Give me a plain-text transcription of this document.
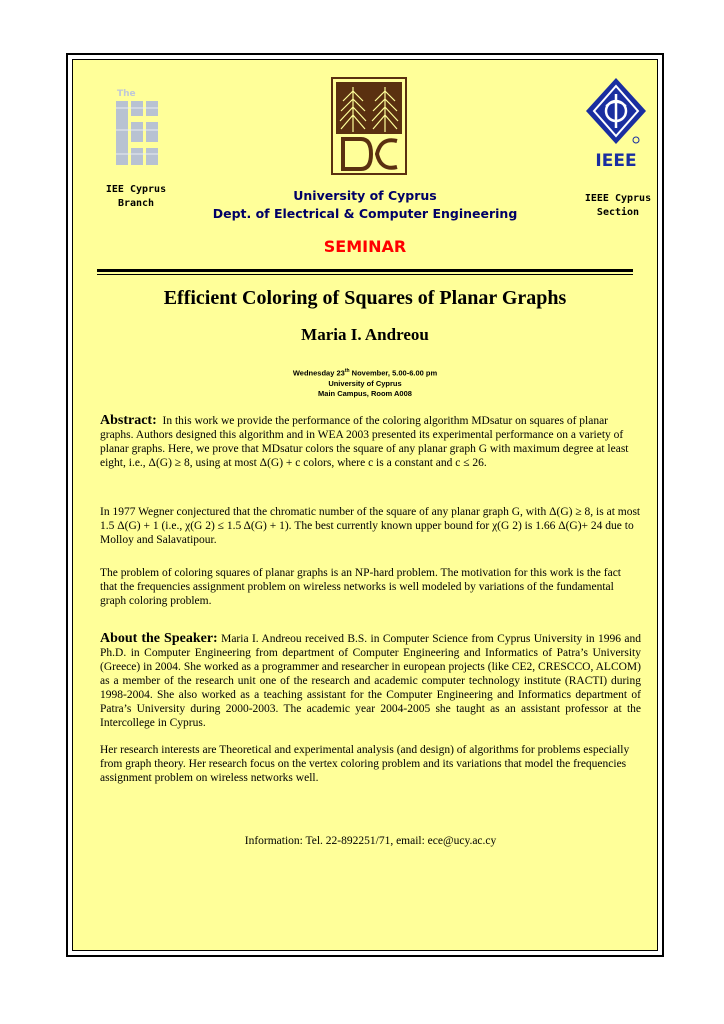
The
IEEE
IEE Cyprus
Branch	IEEE Cyprus
Section
University of Cyprus
Dept. of Electrical & Computer Engineering
SEMINAR
Efficient Coloring of Squares of Planar Graphs
Maria I. Andreou
Wednesday 23th November, 5.00-6.00 pm
University of Cyprus
Main Campus, Room A008
Abstract: In this work we provide the performance of the coloring algorithm MDsatur on squares of planar graphs. Authors designed this algorithm and in WEA 2003 presented its experimental performance on a variety of planar graphs. Here, we prove that MDsatur colors the square of any planar graph G with maximum degree at least eight, i.e., Δ(G) ≥ 8, using at most Δ(G) + c colors, where c is a constant and c ≤ 26.
In 1977 Wegner conjectured that the chromatic number of the square of any planar graph G, with Δ(G) ≥ 8, is at most 1.5 Δ(G) + 1 (i.e., χ(G 2) ≤ 1.5 Δ(G) + 1). The best currently known upper bound for χ(G 2) is 1.66 Δ(G)+ 24 due to Molloy and Salavatipour.
The problem of coloring squares of planar graphs is an NP-hard problem. The motivation for this work is the fact that the frequencies assignment problem on wireless networks is well modeled by variations of the fundamental graph coloring problem.
About the Speaker: Maria I. Andreou received B.S. in Computer Science from Cyprus University in 1996 and Ph.D. in Computer Engineering from department of Computer Engineering and Informatics of Patra’s University (Greece) in 2004. She worked as a programmer and researcher in european projects (like CE2, CRESCCO, ALCOM) as a member of the research unit one of the research and academic computer technology institute (RACTI) during 1998-2004. She also worked as a teaching assistant for the Computer Engineering and Informatics department of Patra’s University during 2000-2003. The academic year 2004-2005 she taught as an assistant professor at the Intercollege in Cyprus.
Her research interests are Theoretical and experimental analysis (and design) of algorithms for problems especially from graph theory. Her research focus on the vertex coloring problem and its variations that model the frequencies assignment problem on wireless networks well.
Information: Tel. 22-892251/71, email: ece@ucy.ac.cy
